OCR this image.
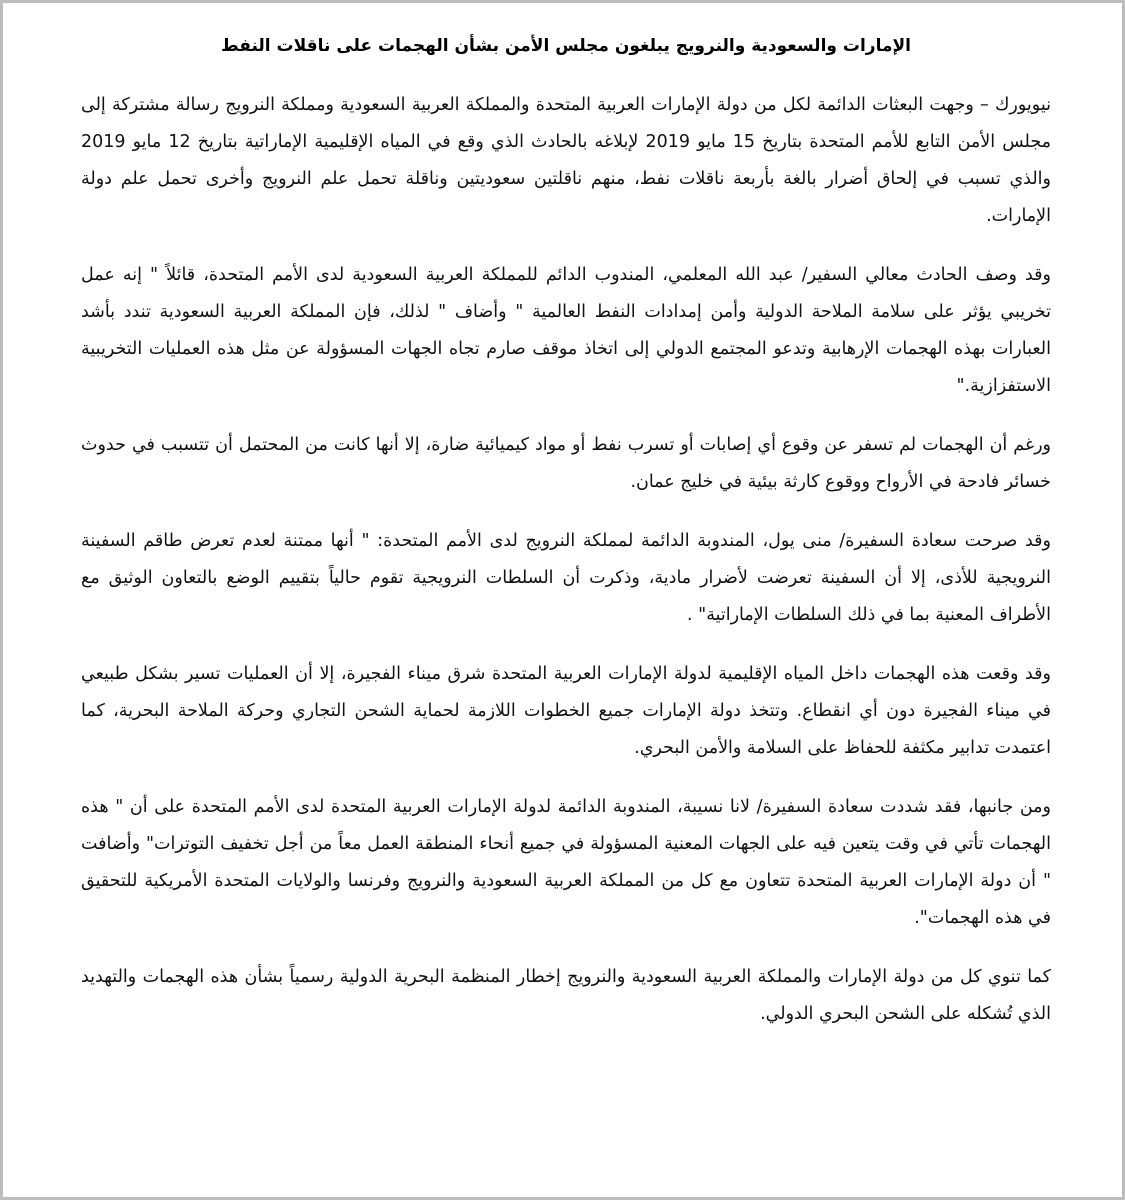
الإمارات والسعودية والنرويج يبلغون مجلس الأمن بشأن الهجمات على ناقلات النفط

نيويورك – وجهت البعثات الدائمة لكل من دولة الإمارات العربية المتحدة والمملكة العربية السعودية ومملكة النرويج رسالة مشتركة إلى مجلس الأمن التابع للأمم المتحدة بتاريخ 15 مايو 2019 لإبلاغه بالحادث الذي وقع في المياه الإقليمية الإماراتية بتاريخ 12 مايو 2019 والذي تسبب في إلحاق أضرار بالغة بأربعة ناقلات نفط، منهم ناقلتين سعوديتين وناقلة تحمل علم النرويج وأخرى تحمل علم دولة الإمارات.

وقد وصف الحادث معالي السفير/ عبد الله المعلمي، المندوب الدائم للمملكة العربية السعودية لدى الأمم المتحدة، قائلاً " إنه عمل تخريبي يؤثر على سلامة الملاحة الدولية وأمن إمدادات النفط العالمية " وأضاف " لذلك، فإن المملكة العربية السعودية تندد بأشد العبارات بهذه الهجمات الإرهابية وتدعو المجتمع الدولي إلى اتخاذ موقف صارم تجاه الجهات المسؤولة عن مثل هذه العمليات التخريبية الاستفزازية."

ورغم أن الهجمات لم تسفر عن وقوع أي إصابات أو تسرب نفط أو مواد كيميائية ضارة، إلا أنها كانت من المحتمل أن تتسبب في حدوث خسائر فادحة في الأرواح ووقوع كارثة بيئية في خليج عمان.

وقد صرحت سعادة السفيرة/ منى يول، المندوبة الدائمة لمملكة النرويج لدى الأمم المتحدة: " أنها ممتنة لعدم تعرض طاقم السفينة النرويجية للأذى، إلا أن السفينة تعرضت لأضرار مادية، وذكرت أن السلطات النرويجية تقوم حالياً بتقييم الوضع بالتعاون الوثيق مع الأطراف المعنية بما في ذلك السلطات الإماراتية" .

وقد وقعت هذه الهجمات داخل المياه الإقليمية لدولة الإمارات العربية المتحدة شرق ميناء الفجيرة، إلا أن العمليات تسير بشكل طبيعي في ميناء الفجيرة دون أي انقطاع. وتتخذ دولة الإمارات جميع الخطوات اللازمة لحماية الشحن التجاري وحركة الملاحة البحرية، كما اعتمدت تدابير مكثفة للحفاظ على السلامة والأمن البحري.

ومن جانبها، فقد شددت سعادة السفيرة/ لانا نسيبة، المندوبة الدائمة لدولة الإمارات العربية المتحدة لدى الأمم المتحدة على أن " هذه الهجمات تأتي في وقت يتعين فيه على الجهات المعنية المسؤولة في جميع أنحاء المنطقة العمل معاً من أجل تخفيف التوترات" وأضافت " أن دولة الإمارات العربية المتحدة تتعاون مع كل من المملكة العربية السعودية والنرويج وفرنسا والولايات المتحدة الأمريكية للتحقيق في هذه الهجمات".

كما تنوي كل من دولة الإمارات والمملكة العربية السعودية والنرويج إخطار المنظمة البحرية الدولية رسمياً بشأن هذه الهجمات والتهديد الذي تُشكله على الشحن البحري الدولي.
